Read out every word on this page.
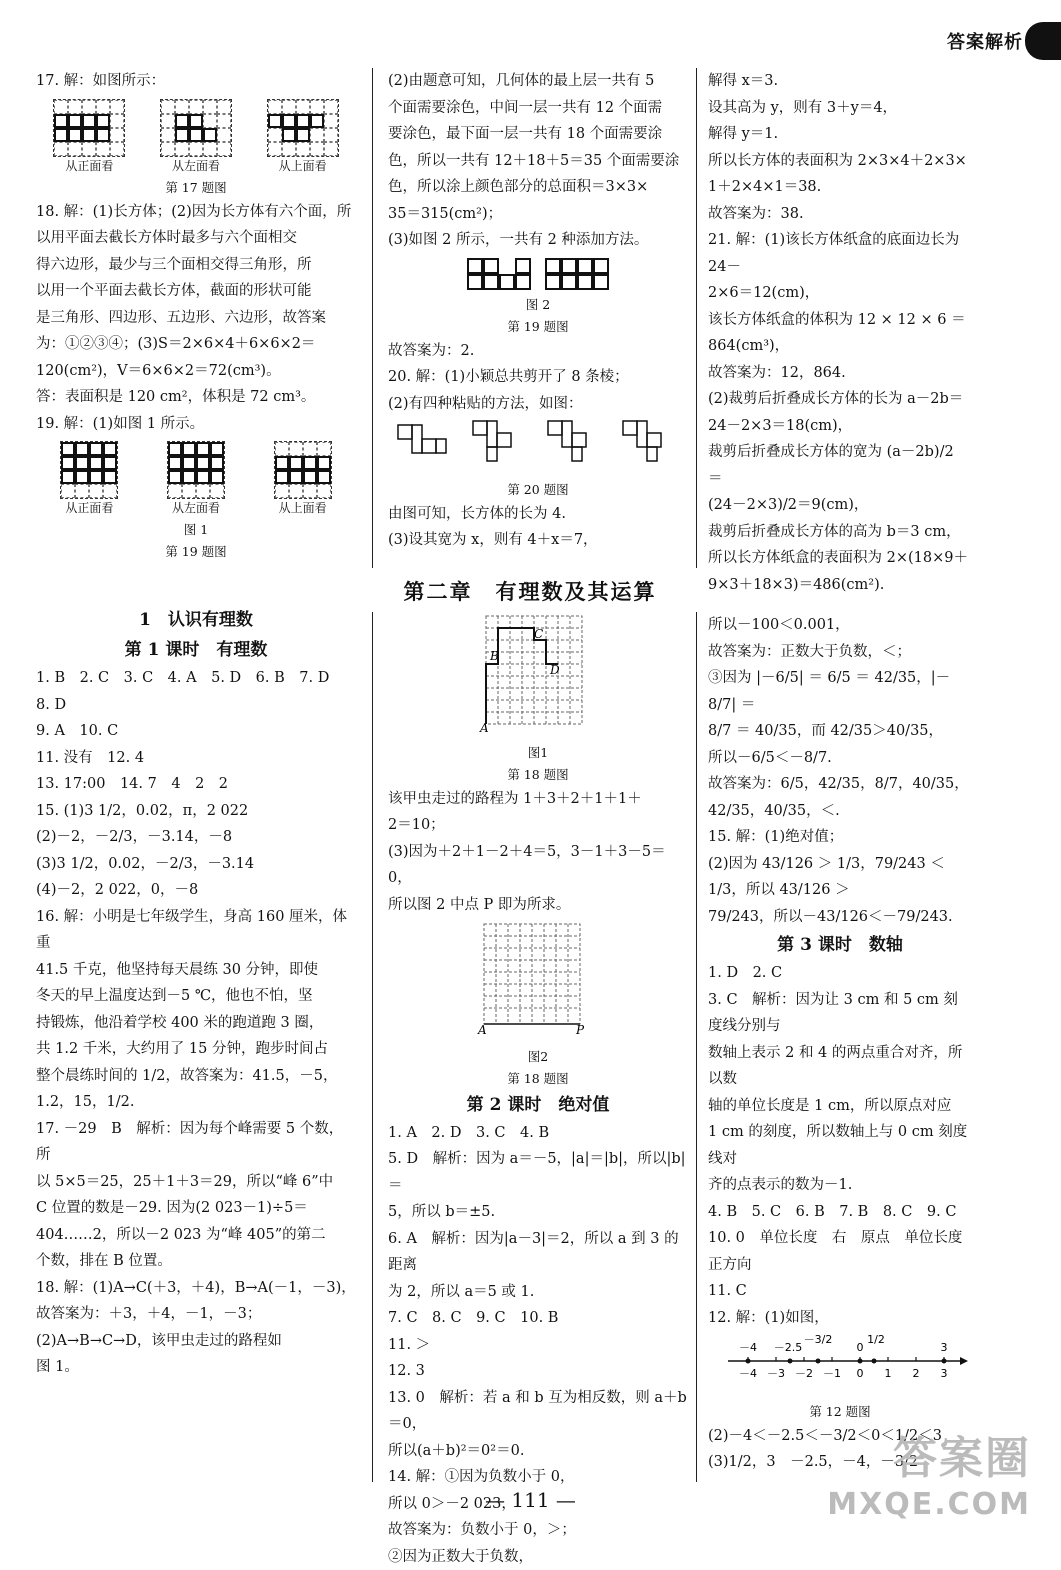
答案解析
17. 解：如图所示：
从正面看	从左面看	从上面看
第 17 题图
18. 解：(1)长方体；(2)因为长方体有六个面，所
以用平面去截长方体时最多与六个面相交
得六边形，最少与三个面相交得三角形，所
以用一个平面去截长方体，截面的形状可能
是三角形、四边形、五边形、六边形，故答案
为：①②③④；(3)S＝2×6×4＋6×6×2＝
120(cm²)，V＝6×6×2＝72(cm³)。
答：表面积是 120 cm²，体积是 72 cm³。
19. 解：(1)如图 1 所示。
从正面看	从左面看	从上面看
图 1
第 19 题图
(2)由题意可知，几何体的最上层一共有 5
个面需要涂色，中间一层一共有 12 个面需
要涂色，最下面一层一共有 18 个面需要涂
色，所以一共有 12＋18＋5＝35 个面需要涂
色，所以涂上颜色部分的总面积＝3×3×
35＝315(cm²)；
(3)如图 2 所示，一共有 2 种添加方法。
图 2
第 19 题图
故答案为：2.
20. 解：(1)小颖总共剪开了 8 条棱；
(2)有四种粘贴的方法，如图：
第 20 题图
由图可知，长方体的长为 4.
(3)设其宽为 x，则有 4＋x＝7，
解得 x＝3.
设其高为 y，则有 3＋y＝4，
解得 y＝1.
所以长方体的表面积为 2×3×4＋2×3×
1＋2×4×1＝38.
故答案为：38.
21. 解：(1)该长方体纸盒的底面边长为 24－
2×6＝12(cm)，
该长方体纸盒的体积为 12 × 12 × 6 ＝
864(cm³)，
故答案为：12，864.
(2)裁剪后折叠成长方体的长为 a－2b＝
24－2×3＝18(cm)，
裁剪后折叠成长方体的宽为 (a－2b)/2 ＝
(24－2×3)/2＝9(cm)，
裁剪后折叠成长方体的高为 b＝3 cm，
所以长方体纸盒的表面积为 2×(18×9＋
9×3＋18×3)＝486(cm²).
第二章　有理数及其运算
1　认识有理数
第 1 课时　有理数
1. B　2. C　3. C　4. A　5. D　6. B　7. D
8. D
9. A　10. C
11. 没有　12. 4
13. 17:00　14. 7　4　2　2
15. (1)3 1/2，0.02，π，2 022
(2)－2，－2/3，－3.14，－8
(3)3 1/2，0.02，－2/3，－3.14
(4)－2，2 022，0，－8
16. 解：小明是七年级学生，身高 160 厘米，体重
41.5 千克，他坚持每天晨练 30 分钟，即使
冬天的早上温度达到－5 ℃，他也不怕，坚
持锻炼，他沿着学校 400 米的跑道跑 3 圈，
共 1.2 千米，大约用了 15 分钟，跑步时间占
整个晨练时间的 1/2，故答案为：41.5，－5，
1.2，15，1/2.
17. －29　B　解析：因为每个峰需要 5 个数，所
以 5×5＝25，25＋1＋3＝29，所以“峰 6”中
C 位置的数是－29. 因为(2 023－1)÷5＝
404……2，所以－2 023 为“峰 405”的第二
个数，排在 B 位置。
18. 解：(1)A→C(＋3，＋4)，B→A(－1，－3)，
故答案为：＋3，＋4，－1，－3；
(2)A→B→C→D，该甲虫走过的路程如
图 1。
A
B
C
D
图1
第 18 题图
该甲虫走过的路程为 1＋3＋2＋1＋1＋
2＝10；
(3)因为＋2＋1－2＋4＝5，3－1＋3－5＝0，
所以图 2 中点 P 即为所求。
A	P
图2
第 18 题图
第 2 课时　绝对值
1. A　2. D　3. C　4. B
5. D　解析：因为 a＝－5，|a|＝|b|，所以|b|＝
5，所以 b＝±5.
6. A　解析：因为|a－3|＝2，所以 a 到 3 的距离
为 2，所以 a＝5 或 1.
7. C　8. C　9. C　10. B
11. ＞
12. 3
13. 0　解析：若 a 和 b 互为相反数，则 a＋b＝0，
所以(a＋b)²＝0²＝0.
14. 解：①因为负数小于 0，
所以 0＞－2 023，
故答案为：负数小于 0，＞；
②因为正数大于负数，
所以－100＜0.001，
故答案为：正数大于负数，＜；
③因为 |－6/5| ＝ 6/5 ＝ 42/35，|－8/7| ＝
8/7 ＝ 40/35，而 42/35＞40/35，
所以－6/5＜－8/7.
故答案为：6/5，42/35，8/7，40/35，42/35，40/35，＜.
15. 解：(1)绝对值；
(2)因为 43/126 ＞ 1/3，79/243 ＜ 1/3，所以 43/126 ＞
79/243，所以－43/126＜－79/243.
第 3 课时　数轴
1. D　2. C
3. C　解析：因为让 3 cm 和 5 cm 刻度线分别与
数轴上表示 2 和 4 的两点重合对齐，所以数
轴的单位长度是 1 cm，所以原点对应
1 cm 的刻度，所以数轴上与 0 cm 刻度线对
齐的点表示的数为－1.
4. B　5. C　6. B　7. B　8. C　9. C
10. 0　单位长度　右　原点　单位长度
正方向
11. C
12. 解：(1)如图，
－4 －2.5
－3/2
0
1/2
3
－4 －3 －2 －1 0 1 2 3
第 12 题图
(2)－4＜－2.5＜－3/2＜0＜1/2＜3
(3)1/2，3　－2.5，－4，－3/2
— 111 —
答案圈
MXQE.COM
